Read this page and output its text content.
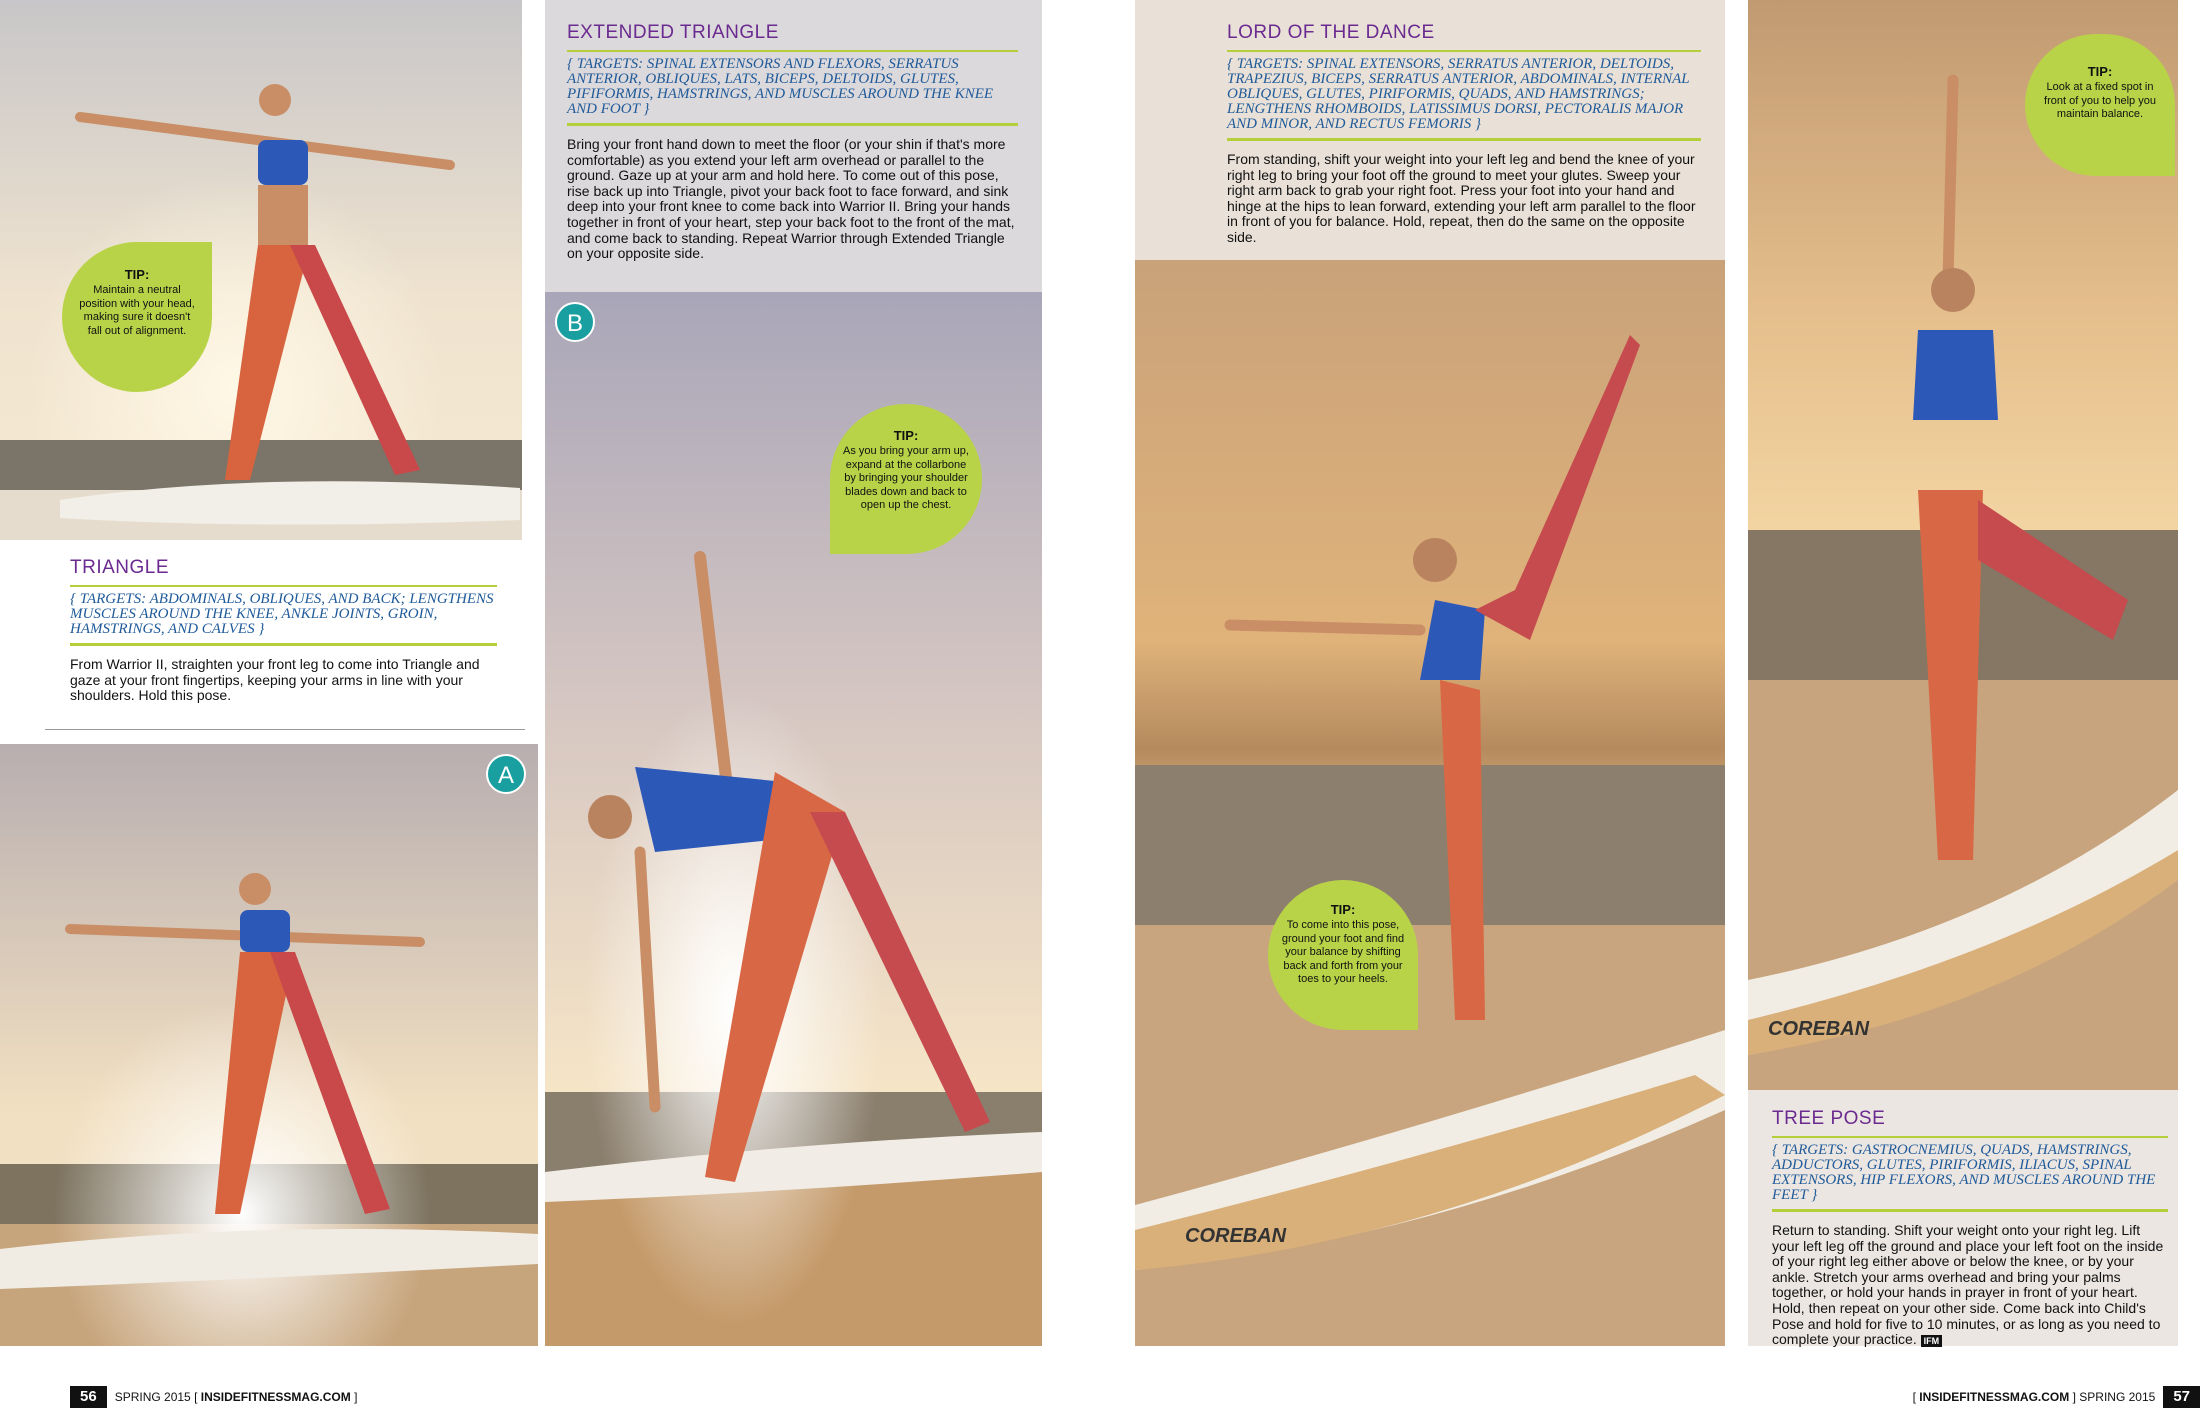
TRIANGLE

{ TARGETS: ABDOMINALS, OBLIQUES, AND BACK; LENGTHENS MUSCLES AROUND THE KNEE, ANKLE JOINTS, GROIN, HAMSTRINGS, AND CALVES }

From Warrior II, straighten your front leg to come into Triangle and gaze at your front fingertips, keeping your arms in line with your shoulders. Hold this pose.

TIP:
Maintain a neutral position with your head, making sure it doesn't fall out of alignment.
A
EXTENDED TRIANGLE

{ TARGETS: SPINAL EXTENSORS AND FLEXORS, SERRATUS ANTERIOR, OBLIQUES, LATS, BICEPS, DELTOIDS, GLUTES, PIFIFORMIS, HAMSTRINGS, AND MUSCLES AROUND THE KNEE AND FOOT }

Bring your front hand down to meet the floor (or your shin if that's more comfortable) as you extend your left arm overhead or parallel to the ground. Gaze up at your arm and hold here. To come out of this pose, rise back up into Triangle, pivot your back foot to face forward, and sink deep into your front knee to come back into Warrior II. Bring your hands together in front of your heart, step your back foot to the front of the mat, and come back to standing. Repeat Warrior through Extended Triangle on your opposite side.

B
TIP:
As you bring your arm up, expand at the collarbone by bringing your shoulder blades down and back to open up the chest.
56 SPRING 2015 [ INSIDEFITNESSMAG.COM ]
LORD OF THE DANCE

{ TARGETS: SPINAL EXTENSORS, SERRATUS ANTERIOR, DELTOIDS, TRAPEZIUS, BICEPS, SERRATUS ANTERIOR, ABDOMINALS, INTERNAL OBLIQUES, GLUTES, PIRIFORMIS, QUADS, AND HAMSTRINGS; LENGTHENS RHOMBOIDS, LATISSIMUS DORSI, PECTORALIS MAJOR AND MINOR, AND RECTUS FEMORIS }

From standing, shift your weight into your left leg and bend the knee of your right leg to bring your foot off the ground to meet your glutes. Sweep your right arm back to grab your right foot. Press your foot into your hand and hinge at the hips to lean forward, extending your left arm parallel to the floor in front of you for balance. Hold, repeat, then do the same on the opposite side.

COREBAN
TIP:
To come into this pose, ground your foot and find your balance by shifting back and forth from your toes to your heels.
COREBAN
TIP:
Look at a fixed spot in front of you to help you maintain balance.
TREE POSE

{ TARGETS: GASTROCNEMIUS, QUADS, HAMSTRINGS, ADDUCTORS, GLUTES, PIRIFORMIS, ILIACUS, SPINAL EXTENSORS, HIP FLEXORS, AND MUSCLES AROUND THE FEET }

Return to standing. Shift your weight onto your right leg. Lift your left leg off the ground and place your left foot on the inside of your right leg either above or below the knee, or by your ankle. Stretch your arms overhead and bring your palms together, or hold your hands in prayer in front of your heart. Hold, then repeat on your other side. Come back into Child's Pose and hold for five to 10 minutes, or as long as you need to complete your practice. IFM

[ INSIDEFITNESSMAG.COM ] SPRING 2015 57
